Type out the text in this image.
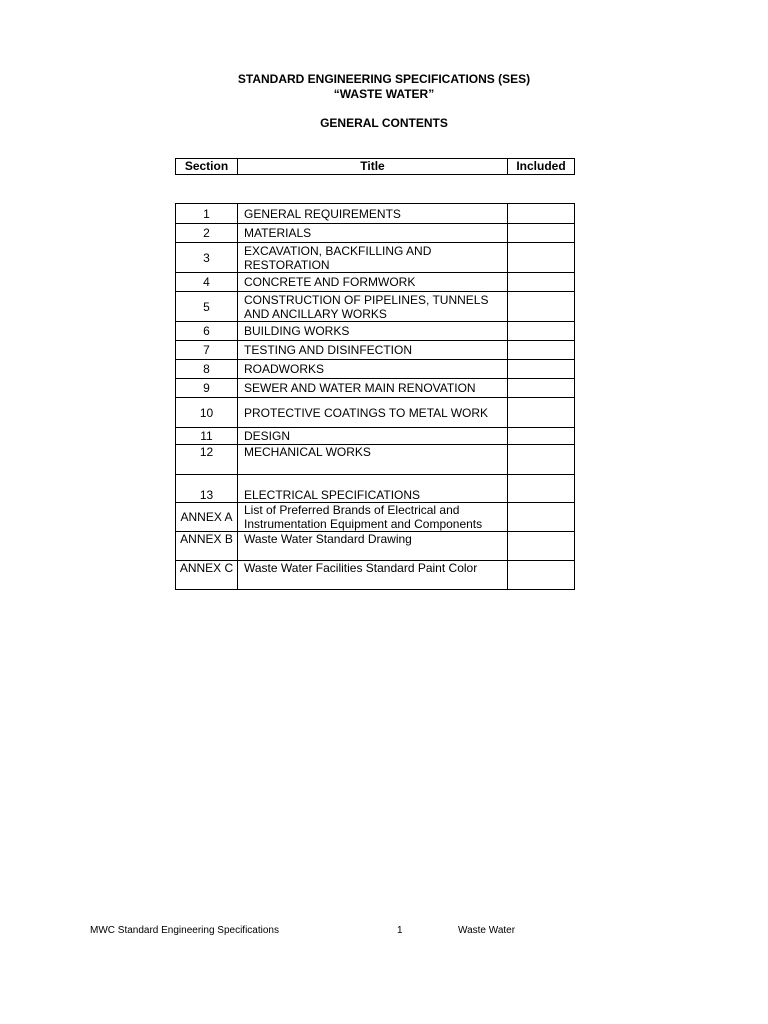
STANDARD ENGINEERING SPECIFICATIONS (SES)
“WASTE WATER”
GENERAL CONTENTS
Section	Title	Included
1	GENERAL REQUIREMENTS	
2	MATERIALS	
3	EXCAVATION, BACKFILLING AND RESTORATION	
4	CONCRETE AND FORMWORK	
5	CONSTRUCTION OF PIPELINES, TUNNELS AND ANCILLARY WORKS	
6	BUILDING WORKS	
7	TESTING AND DISINFECTION	
8	ROADWORKS	
9	SEWER AND WATER MAIN RENOVATION	
10	PROTECTIVE COATINGS TO METAL WORK	
11	DESIGN	
12	MECHANICAL WORKS	
13	ELECTRICAL SPECIFICATIONS	
ANNEX A	List of Preferred Brands of Electrical and Instrumentation Equipment and Components	
ANNEX B	Waste Water Standard Drawing	
ANNEX C	Waste Water Facilities Standard Paint Color	
MWC Standard Engineering Specifications	1	Waste Water
